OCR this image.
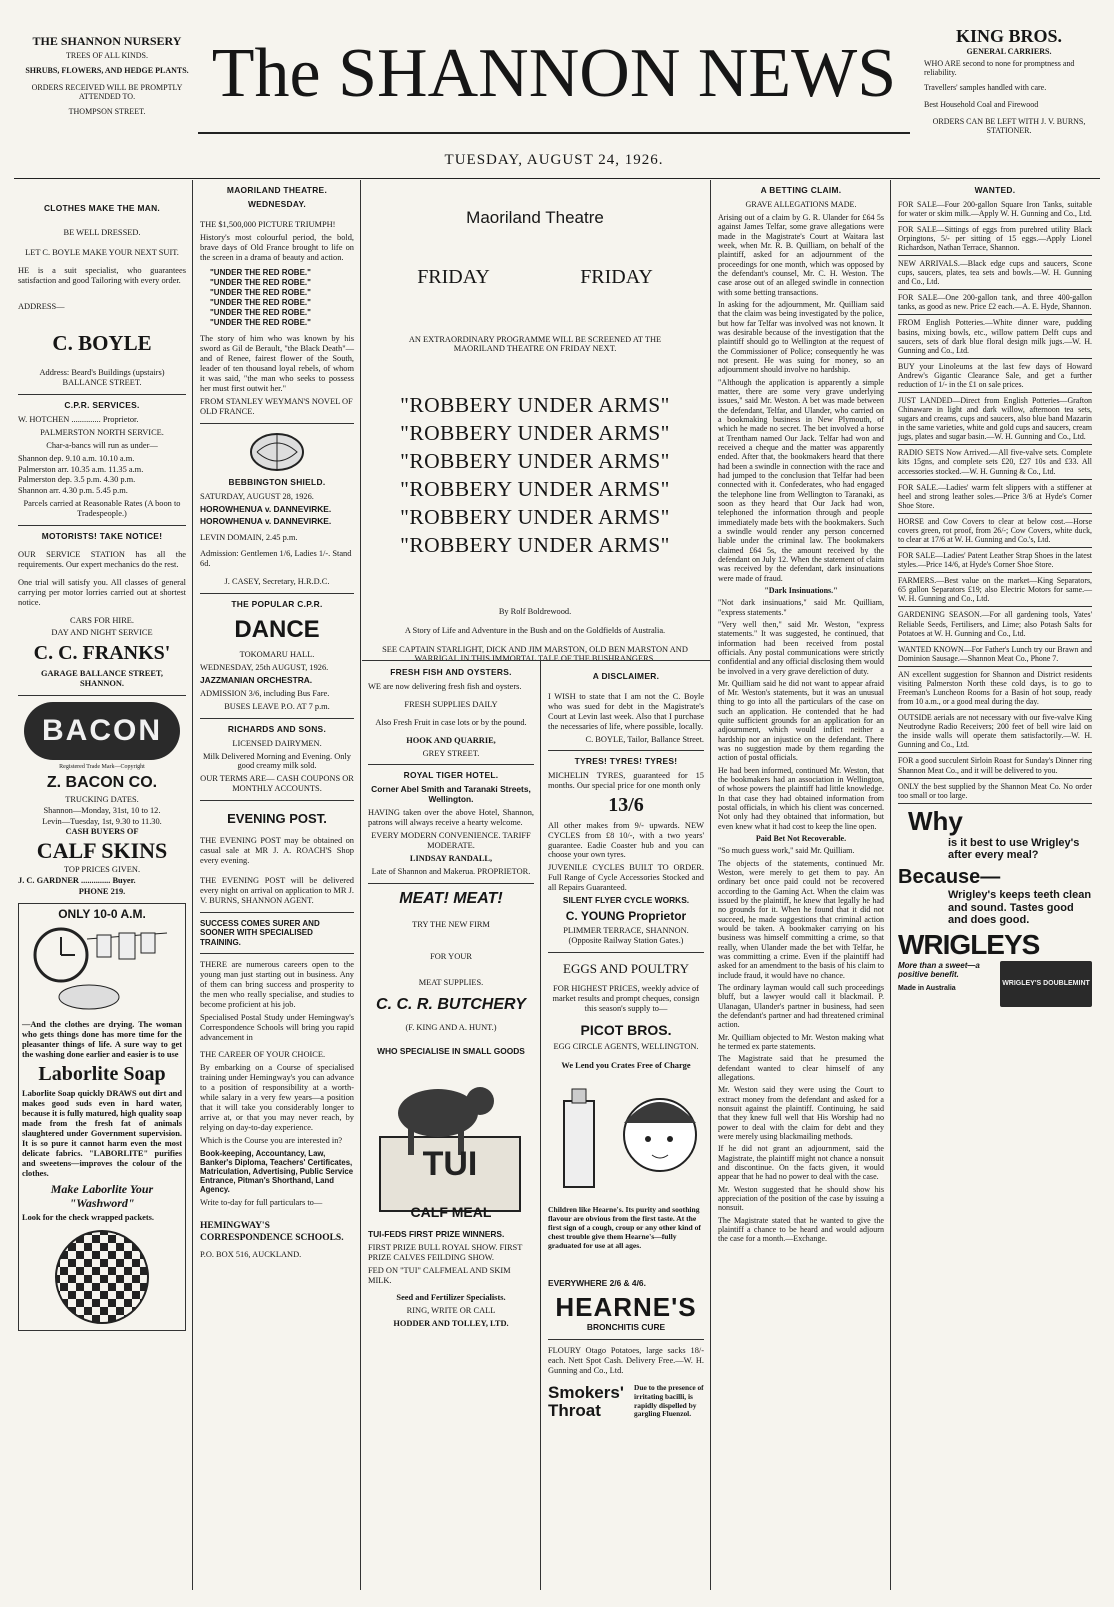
THE SHANNON NURSERY
TREES OF ALL KINDS.
SHRUBS, FLOWERS, AND HEDGE PLANTS.
ORDERS RECEIVED WILL BE PROMPTLY ATTENDED TO.
THOMPSON STREET. The SHANNON NEWS
TUESDAY, AUGUST 24, 1926.
KING BROS.
GENERAL CARRIERS.
WHO ARE second to none for promptness and reliability.
Travellers' samples handled with care.
Best Household Coal and Firewood
ORDERS CAN BE LEFT WITH J. V. BURNS, STATIONER.
CLOTHES MAKE THE MAN.

BE WELL DRESSED.

LET C. BOYLE MAKE YOUR NEXT SUIT.

HE is a suit specialist, who guarantees satisfaction and good Tailoring with every order.

ADDRESS—

C. BOYLE

Address: Beard's Buildings (upstairs) BALLANCE STREET.

C.P.R. SERVICES.

W. HOTCHEN .............. Proprietor.

PALMERSTON NORTH SERVICE.

Char-a-bancs will run as under—

Shannon dep. 9.10 a.m. 10.10 a.m.

Palmerston arr. 10.35 a.m. 11.35 a.m.

Palmerston dep. 3.5 p.m. 4.30 p.m.

Shannon arr. 4.30 p.m. 5.45 p.m.

Parcels carried at Reasonable Rates (A boon to Tradespeople.)

MOTORISTS! TAKE NOTICE!

OUR SERVICE STATION has all the requirements. Our expert mechanics do the rest.

One trial will satisfy you. All classes of general carrying per motor lorries carried out at shortest notice.

CARS FOR HIRE.

DAY AND NIGHT SERVICE

C. C. FRANKS'

GARAGE BALLANCE STREET, SHANNON.

BACON

Registered Trade Mark—Copyright

Z. BACON CO.

TRUCKING DATES.

Shannon—Monday, 31st, 10 to 12.

Levin—Tuesday, 1st, 9.30 to 11.30.

CASH BUYERS OF

CALF SKINS

TOP PRICES GIVEN.

J. C. GARDNER .............. Buyer.

PHONE 219.

ONLY 10-0 A.M.

—And the clothes are drying. The woman who gets things done has more time for the pleasanter things of life. A sure way to get the washing done earlier and easier is to use

Laborlite Soap

Laborlite Soap quickly DRAWS out dirt and makes good suds even in hard water, because it is fully matured, high quality soap made from the fresh fat of animals slaughtered under Government supervision. It is so pure it cannot harm even the most delicate fabrics. "LABORLITE" purifies and sweetens—improves the colour of the clothes.

Make Laborlite Your "Washword"

Look for the check wrapped packets.

MAORILAND THEATRE.
WEDNESDAY.

THE $1,500,000 PICTURE TRIUMPH!

History's most colourful period, the bold, brave days of Old France brought to life on the screen in a drama of beauty and action.

"UNDER THE RED ROBE."
"UNDER THE RED ROBE."
"UNDER THE RED ROBE."
"UNDER THE RED ROBE."
"UNDER THE RED ROBE."
"UNDER THE RED ROBE."

The story of him who was known by his sword as Gil de Berault, "the Black Death"—and of Renee, fairest flower of the South, leader of ten thousand loyal rebels, of whom it was said, "the man who seeks to possess her must first outwit her."

FROM STANLEY WEYMAN'S NOVEL OF OLD FRANCE.

BEBBINGTON SHIELD.

SATURDAY, AUGUST 28, 1926.

HOROWHENUA v. DANNEVIRKE.

HOROWHENUA v. DANNEVIRKE.

LEVIN DOMAIN, 2.45 p.m.

Admission: Gentlemen 1/6, Ladies 1/-. Stand 6d.

J. CASEY, Secretary, H.R.D.C.

THE POPULAR C.P.R.
DANCE

TOKOMARU HALL.

WEDNESDAY, 25th AUGUST, 1926.

JAZZMANIAN ORCHESTRA.

ADMISSION 3/6, including Bus Fare.

BUSES LEAVE P.O. AT 7 p.m.

RICHARDS AND SONS.

LICENSED DAIRYMEN.

Milk Delivered Morning and Evening. Only good creamy milk sold.

OUR TERMS ARE— CASH COUPONS OR MONTHLY ACCOUNTS.

EVENING POST.

THE EVENING POST may be obtained on casual sale at MR J. A. ROACH'S Shop every evening.

THE EVENING POST will be delivered every night on arrival on application to MR J. V. BURNS, SHANNON AGENT.

SUCCESS COMES SURER AND SOONER WITH SPECIALISED TRAINING.

THERE are numerous careers open to the young man just starting out in business. Any of them can bring success and prosperity to the men who really specialise, and studies to become proficient at his job.

Specialised Postal Study under Hemingway's Correspondence Schools will bring you rapid advancement in

THE CAREER OF YOUR CHOICE.

By embarking on a Course of specialised training under Hemingway's you can advance to a position of responsibility at a worth-while salary in a very few years—a position that it will take you considerably longer to arrive at, or that you may never reach, by relying on day-to-day experience.

Which is the Course you are interested in?

Book-keeping, Accountancy, Law, Banker's Diploma, Teachers' Certificates, Matriculation, Advertising, Public Service Entrance, Pitman's Shorthand, Land Agency.

Write to-day for full particulars to—

HEMINGWAY'S CORRESPONDENCE SCHOOLS.

P.O. BOX 516, AUCKLAND.

Maoriland Theatre
FRIDAY	FRIDAY

AN EXTRAORDINARY PROGRAMME WILL BE SCREENED AT THE MAORILAND THEATRE ON FRIDAY NEXT.

"ROBBERY UNDER ARMS"
"ROBBERY UNDER ARMS"
"ROBBERY UNDER ARMS"
"ROBBERY UNDER ARMS"
"ROBBERY UNDER ARMS"
"ROBBERY UNDER ARMS"

By Rolf Boldrewood.

A Story of Life and Adventure in the Bush and on the Goldfields of Australia.

SEE CAPTAIN STARLIGHT, DICK AND JIM MARSTON, OLD BEN MARSTON AND WARRIGAL IN THIS IMMORTAL TALE OF THE BUSHRANGERS.

FRESH FISH AND OYSTERS.

WE are now delivering fresh fish and oysters.

FRESH SUPPLIES DAILY

Also Fresh Fruit in case lots or by the pound.

HOOK AND QUARRIE,

GREY STREET.

ROYAL TIGER HOTEL.

Corner Abel Smith and Taranaki Streets, Wellington.

HAVING taken over the above Hotel, Shannon, patrons will always receive a hearty welcome.

EVERY MODERN CONVENIENCE. TARIFF MODERATE.

LINDSAY RANDALL,

Late of Shannon and Makerua. PROPRIETOR.

MEAT! MEAT!

TRY THE NEW FIRM

FOR YOUR

MEAT SUPPLIES.

C. C. R. BUTCHERY

(F. KING AND A. HUNT.)

WHO SPECIALISE IN SMALL GOODS

TUI
CALF MEAL

TUI-FEDS FIRST PRIZE WINNERS.

FIRST PRIZE BULL ROYAL SHOW. FIRST PRIZE CALVES FEILDING SHOW.

FED ON "TUI" CALFMEAL AND SKIM MILK.

Seed and Fertilizer Specialists.

RING, WRITE OR CALL

HODDER AND TOLLEY, LTD.

A DISCLAIMER.

I WISH to state that I am not the C. Boyle who was sued for debt in the Magistrate's Court at Levin last week. Also that I purchase the necessaries of life, where possible, locally.

C. BOYLE, Tailor, Ballance Street.

TYRES! TYRES! TYRES!

MICHELIN TYRES, guaranteed for 15 months. Our special price for one month only

13/6

All other makes from 9/- upwards. NEW CYCLES from £8 10/-, with a two years' guarantee. Eadie Coaster hub and you can choose your own tyres.

JUVENILE CYCLES BUILT TO ORDER. Full Range of Cycle Accessories Stocked and all Repairs Guaranteed.

SILENT FLYER CYCLE WORKS.

C. YOUNG Proprietor

PLIMMER TERRACE, SHANNON. (Opposite Railway Station Gates.)

EGGS AND POULTRY

FOR HIGHEST PRICES, weekly advice of market results and prompt cheques, consign this season's supply to—

PICOT BROS.

EGG CIRCLE AGENTS, WELLINGTON.

We Lend you Crates Free of Charge

Children like Hearne's. Its purity and soothing flavour are obvious from the first taste. At the first sign of a cough, croup or any other kind of chest trouble give them Hearne's—fully graduated for use at all ages.

EVERYWHERE 2/6 & 4/6.

HEARNE'S

BRONCHITIS CURE

FLOURY Otago Potatoes, large sacks 18/- each. Nett Spot Cash. Delivery Free.—W. H. Gunning and Co., Ltd.

Smokers' Throat
Due to the presence of irritating bacilli, is rapidly dispelled by gargling Fluenzol.
A BETTING CLAIM.
GRAVE ALLEGATIONS MADE.

Arising out of a claim by G. R. Ulander for £64 5s against James Telfar, some grave allegations were made in the Magistrate's Court at Waitara last week, when Mr. R. B. Quilliam, on behalf of the plaintiff, asked for an adjournment of the proceedings for one month, which was opposed by the defendant's counsel, Mr. C. H. Weston. The case arose out of an alleged swindle in connection with some betting transactions.

In asking for the adjournment, Mr. Quilliam said that the claim was being investigated by the police, but how far Telfar was involved was not known. It was desirable because of the investigation that the plaintiff should go to Wellington at the request of the Commissioner of Police; consequently he was not present. He was suing for money, so an adjournment should involve no hardship.

"Although the application is apparently a simple matter, there are some very grave underlying issues," said Mr. Weston. A bet was made between the defendant, Telfar, and Ulander, who carried on a bookmaking business in New Plymouth, of which he made no secret. The bet involved a horse at Trentham named Our Jack. Telfar had won and received a cheque and the matter was apparently ended. After that, the bookmakers heard that there had been a swindle in connection with the race and had jumped to the conclusion that Telfar had been connected with it. Confederates, who had engaged the telephone line from Wellington to Taranaki, as soon as they heard that Our Jack had won, telephoned the information through and people immediately made bets with the bookmakers. Such a swindle would render any person concerned liable under the criminal law. The bookmakers claimed £64 5s, the amount received by the defendant on July 12. When the statement of claim was received by the defendant, dark insinuations were made of fraud.

"Dark Insinuations."

"Not dark insinuations," said Mr. Quilliam, "express statements."

"Very well then," said Mr. Weston, "express statements." It was suggested, he continued, that information had been received from postal officials. Any postal communications were strictly confidential and any official disclosing them would be involved in a very grave dereliction of duty.

Mr. Quilliam said he did not want to appear afraid of Mr. Weston's statements, but it was an unusual thing to go into all the particulars of the case on such an application. He contended that he had quite sufficient grounds for an application for an adjournment, which would inflict neither a hardship nor an injustice on the defendant. There was no suggestion made by them regarding the action of postal officials.

He had been informed, continued Mr. Weston, that the bookmakers had an association in Wellington, of whose powers the plaintiff had little knowledge. In that case they had obtained information from postal officials, in which his client was concerned. Not only had they obtained that information, but even knew what it had cost to keep the line open.

Paid Bet Not Recoverable.

"So much guess work," said Mr. Quilliam.

The objects of the statements, continued Mr. Weston, were merely to get them to pay. An ordinary bet once paid could not be recovered according to the Gaming Act. When the claim was issued by the plaintiff, he knew that legally he had no grounds for it. When he found that it did not succeed, he made suggestions that criminal action would be taken. A bookmaker carrying on his business was himself committing a crime, so that really, when Ulander made the bet with Telfar, he was committing a crime. Even if the plaintiff had asked for an amendment to the basis of his claim to include fraud, it would have no chance.

The ordinary layman would call such proceedings bluff, but a lawyer would call it blackmail. P. Ulanagan, Ulander's partner in business, had seen the defendant's partner and had threatened criminal action.

Mr. Quilliam objected to Mr. Weston making what he termed ex parte statements.

The Magistrate said that he presumed the defendant wanted to clear himself of any allegations.

Mr. Weston said they were using the Court to extract money from the defendant and asked for a nonsuit against the plaintiff. Continuing, he said that they knew full well that His Worship had no power to deal with the claim for debt and they were merely using blackmailing methods.

If he did not grant an adjournment, said the Magistrate, the plaintiff might not chance a nonsuit and discontinue. On the facts given, it would appear that he had no power to deal with the case.

Mr. Weston suggested that he should show his appreciation of the position of the case by issuing a nonsuit.

The Magistrate stated that he wanted to give the plaintiff a chance to be heard and would adjourn the case for a month.—Exchange.

WANTED.

FOR SALE—Four 200-gallon Square Iron Tanks, suitable for water or skim milk.—Apply W. H. Gunning and Co., Ltd.

FOR SALE—Sittings of eggs from purebred utility Black Orpingtons, 5/- per sitting of 15 eggs.—Apply Lionel Richardson, Nathan Terrace, Shannon.

NEW ARRIVALS.—Black edge cups and saucers, Scone cups, saucers, plates, tea sets and bowls.—W. H. Gunning and Co., Ltd.

FOR SALE—One 200-gallon tank, and three 400-gallon tanks, as good as new. Price £2 each.—A. E. Hyde, Shannon.

FROM English Potteries.—White dinner ware, pudding basins, mixing bowls, etc., willow pattern Delft cups and saucers, sets of dark blue floral design milk jugs.—W. H. Gunning and Co., Ltd.

BUY your Linoleums at the last few days of Howard Andrew's Gigantic Clearance Sale, and get a further reduction of 1/- in the £1 on sale prices.

JUST LANDED—Direct from English Potteries—Grafton Chinaware in light and dark willow, afternoon tea sets, sugars and creams, cups and saucers, also blue band Mazarin in the same varieties, white and gold cups and saucers, cream jugs, plates and sugar basin.—W. H. Gunning and Co., Ltd.

RADIO SETS Now Arrived.—All five-valve sets. Complete kits 15gns, and complete sets £20, £27 10s and £33. All accessories stocked.—W. H. Gunning & Co., Ltd.

FOR SALE.—Ladies' warm felt slippers with a stiffener at heel and strong leather soles.—Price 3/6 at Hyde's Corner Shoe Store.

HORSE and Cow Covers to clear at below cost.—Horse covers green, rot proof, from 26/-; Cow Covers, white duck, to clear at 17/6 at W. H. Gunning and Co.'s, Ltd.

FOR SALE—Ladies' Patent Leather Strap Shoes in the latest styles.—Price 14/6, at Hyde's Corner Shoe Store.

FARMERS.—Best value on the market—King Separators, 65 gallon Separators £19; also Electric Motors for same.—W. H. Gunning and Co., Ltd.

GARDENING SEASON.—For all gardening tools, Yates' Reliable Seeds, Fertilisers, and Lime; also Potash Salts for Potatoes at W. H. Gunning and Co., Ltd.

WANTED KNOWN—For Father's Lunch try our Brawn and Dominion Sausage.—Shannon Meat Co., Phone 7.

AN excellent suggestion for Shannon and District residents visiting Palmerston North these cold days, is to go to Freeman's Luncheon Rooms for a Basin of hot soup, ready from 10 a.m., or a good meal during the day.

OUTSIDE aerials are not necessary with our five-valve King Neutrodyne Radio Receivers; 200 feet of bell wire laid on the inside walls will operate them satisfactorily.—W. H. Gunning and Co., Ltd.

FOR a good succulent Sirloin Roast for Sunday's Dinner ring Shannon Meat Co., and it will be delivered to you.

ONLY the best supplied by the Shannon Meat Co. No order too small or too large.

Why
is it best to use Wrigley's after every meal?
Because—
Wrigley's keeps teeth clean and sound. Tastes good and does good.
WRIGLEYS
More than a sweet—a positive benefit.
Made in Australia
WRIGLEY'S DOUBLEMINT
